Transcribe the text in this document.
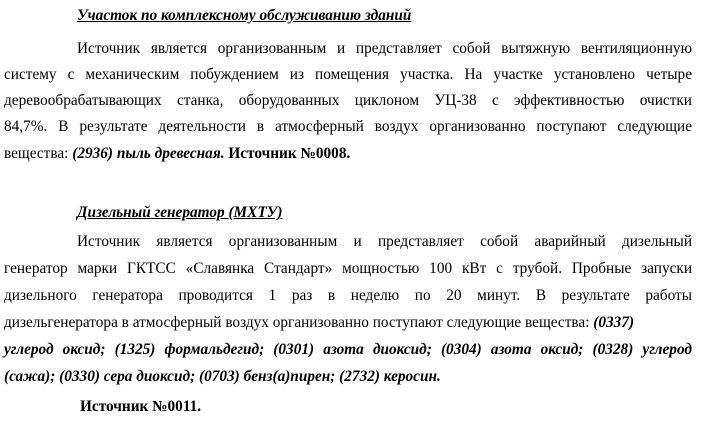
Участок по комплексному обслуживанию зданий
Источник является организованным и представляет собой вытяжную вентиляционную
систему с механическим побуждением из помещения участка. На участке установлено четыре
деревообрабатывающих станка, оборудованных циклоном УЦ-38 с эффективностью очистки
84,7%. В результате деятельности в атмосферный воздух организованно поступают следующие
вещества: (2936) пыль древесная. Источник №0008.
Дизельный генератор (МХТУ)
Источник является организованным и представляет собой аварийный дизельный
генератор марки ГКТСС «Славянка Стандарт» мощностью 100 кВт с трубой. Пробные запуски
дизельного генератора проводится 1 раз в неделю по 20 минут. В результате работы
дизельгенератора в атмосферный воздух организованно поступают следующие вещества: (0337)
углерод оксид; (1325) формальдегид; (0301) азота диоксид; (0304) азота оксид; (0328) углерод
(сажа); (0330) сера диоксид; (0703) бенз(а)пирен; (2732) керосин.
Источник №0011.
